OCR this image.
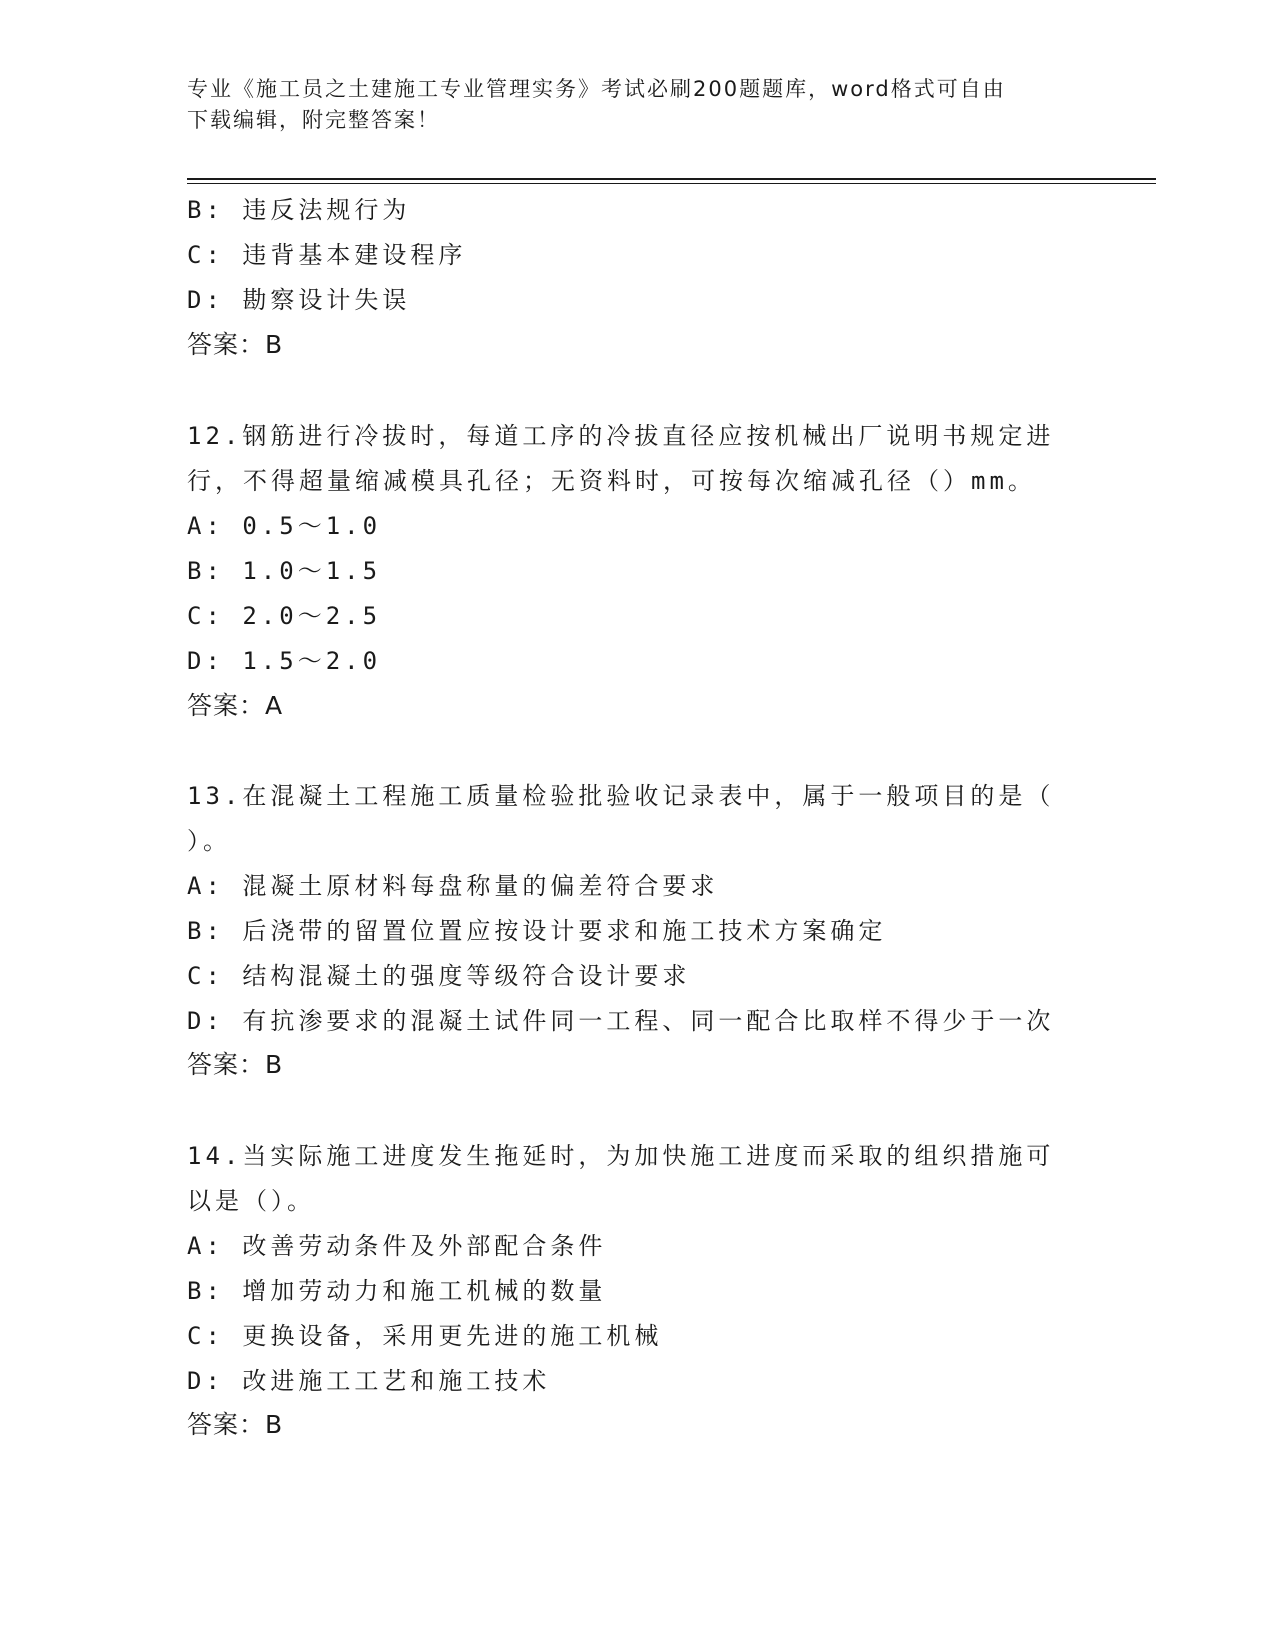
专业《施工员之土建施工专业管理实务》考试必刷200题题库，word格式可自由
下载编辑，附完整答案！
B: 违反法规行为
C: 违背基本建设程序
D: 勘察设计失误
答案：B
12.钢筋进行冷拔时，每道工序的冷拔直径应按机械出厂说明书规定进
行，不得超量缩减模具孔径；无资料时，可按每次缩减孔径（）mm。
A: 0.5～1.0
B: 1.0～1.5
C: 2.0～2.5
D: 1.5～2.0
答案：A
13.在混凝土工程施工质量检验批验收记录表中，属于一般项目的是（
）。
A: 混凝土原材料每盘称量的偏差符合要求
B: 后浇带的留置位置应按设计要求和施工技术方案确定
C: 结构混凝土的强度等级符合设计要求
D: 有抗渗要求的混凝土试件同一工程、同一配合比取样不得少于一次
答案：B
14.当实际施工进度发生拖延时，为加快施工进度而采取的组织措施可
以是（）。
A: 改善劳动条件及外部配合条件
B: 增加劳动力和施工机械的数量
C: 更换设备，采用更先进的施工机械
D: 改进施工工艺和施工技术
答案：B
